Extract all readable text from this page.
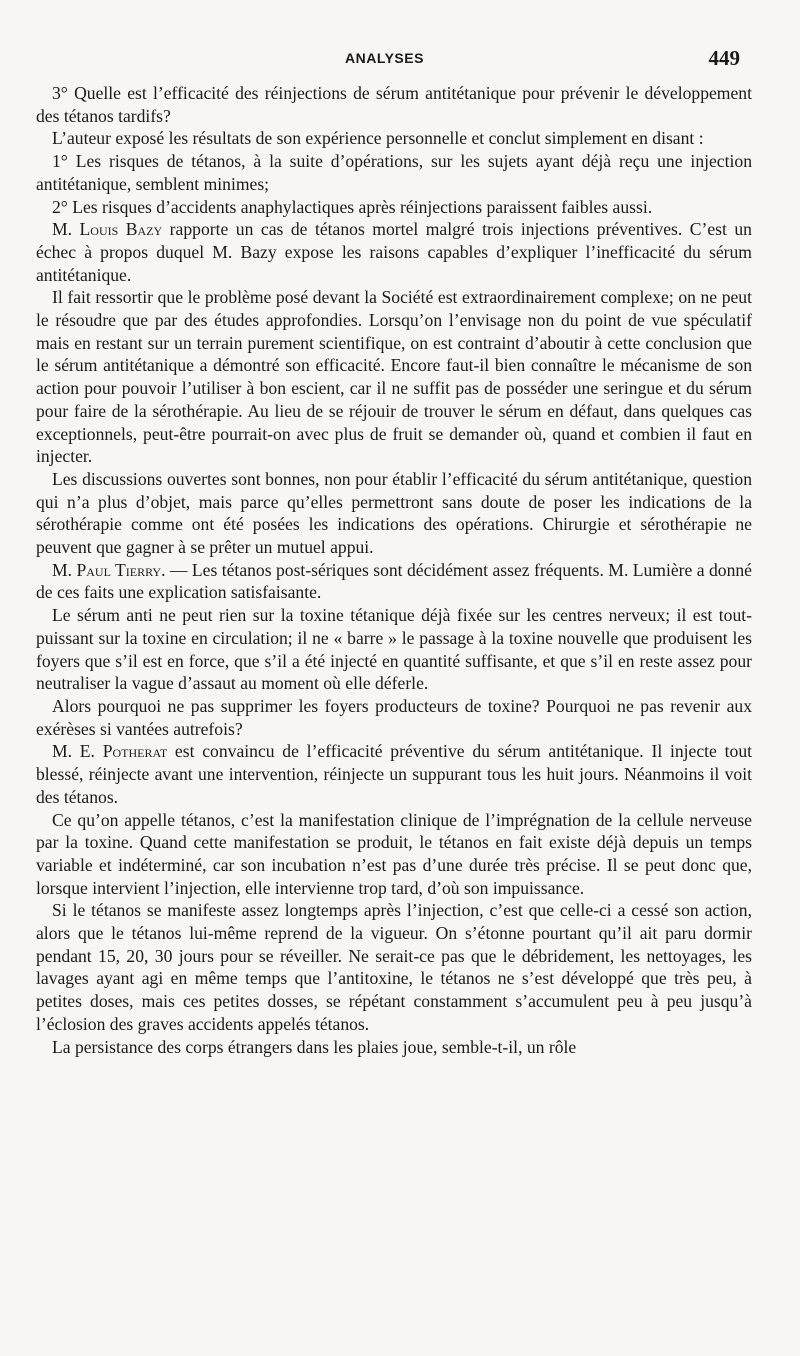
ANALYSES	449

3° Quelle est l’efficacité des réinjections de sérum antitétanique pour prévenir le développement des tétanos tardifs?

L’auteur exposé les résultats de son expérience personnelle et conclut simplement en disant :

1° Les risques de tétanos, à la suite d’opérations, sur les sujets ayant déjà reçu une injection antitétanique, semblent minimes;

2° Les risques d’accidents anaphylactiques après réinjections paraissent faibles aussi.

M. Louis Bazy rapporte un cas de tétanos mortel malgré trois injections préventives. C’est un échec à propos duquel M. Bazy expose les raisons capables d’expliquer l’inefficacité du sérum antitétanique.

Il fait ressortir que le problème posé devant la Société est extraordinairement complexe; on ne peut le résoudre que par des études approfondies. Lorsqu’on l’envisage non du point de vue spéculatif mais en restant sur un terrain purement scientifique, on est contraint d’aboutir à cette conclusion que le sérum antitétanique a démontré son efficacité. Encore faut-il bien connaître le mécanisme de son action pour pouvoir l’utiliser à bon escient, car il ne suffit pas de posséder une seringue et du sérum pour faire de la sérothérapie. Au lieu de se réjouir de trouver le sérum en défaut, dans quelques cas exceptionnels, peut-être pourrait-on avec plus de fruit se demander où, quand et combien il faut en injecter.

Les discussions ouvertes sont bonnes, non pour établir l’efficacité du sérum antitétanique, question qui n’a plus d’objet, mais parce qu’elles permettront sans doute de poser les indications de la sérothérapie comme ont été posées les indications des opérations. Chirurgie et sérothérapie ne peuvent que gagner à se prêter un mutuel appui.

M. Paul Tierry. — Les tétanos post-sériques sont décidément assez fréquents. M. Lumière a donné de ces faits une explication satisfaisante.

Le sérum anti ne peut rien sur la toxine tétanique déjà fixée sur les centres nerveux; il est tout-puissant sur la toxine en circulation; il ne « barre » le passage à la toxine nouvelle que produisent les foyers que s’il est en force, que s’il a été injecté en quantité suffisante, et que s’il en reste assez pour neutraliser la vague d’assaut au moment où elle déferle.

Alors pourquoi ne pas supprimer les foyers producteurs de toxine? Pourquoi ne pas revenir aux exérèses si vantées autrefois?

M. E. Potherat est convaincu de l’efficacité préventive du sérum antitétanique. Il injecte tout blessé, réinjecte avant une intervention, réinjecte un suppurant tous les huit jours. Néanmoins il voit des tétanos.

Ce qu’on appelle tétanos, c’est la manifestation clinique de l’imprégnation de la cellule nerveuse par la toxine. Quand cette manifestation se produit, le tétanos en fait existe déjà depuis un temps variable et indéterminé, car son incubation n’est pas d’une durée très précise. Il se peut donc que, lorsque intervient l’injection, elle intervienne trop tard, d’où son impuissance.

Si le tétanos se manifeste assez longtemps après l’injection, c’est que celle-ci a cessé son action, alors que le tétanos lui-même reprend de la vigueur. On s’étonne pourtant qu’il ait paru dormir pendant 15, 20, 30 jours pour se réveiller. Ne serait-ce pas que le débridement, les nettoyages, les lavages ayant agi en même temps que l’antitoxine, le tétanos ne s’est développé que très peu, à petites doses, mais ces petites dosses, se répétant constamment s’accumulent peu à peu jusqu’à l’éclosion des graves accidents appelés tétanos.

La persistance des corps étrangers dans les plaies joue, semble-t-il, un rôle
